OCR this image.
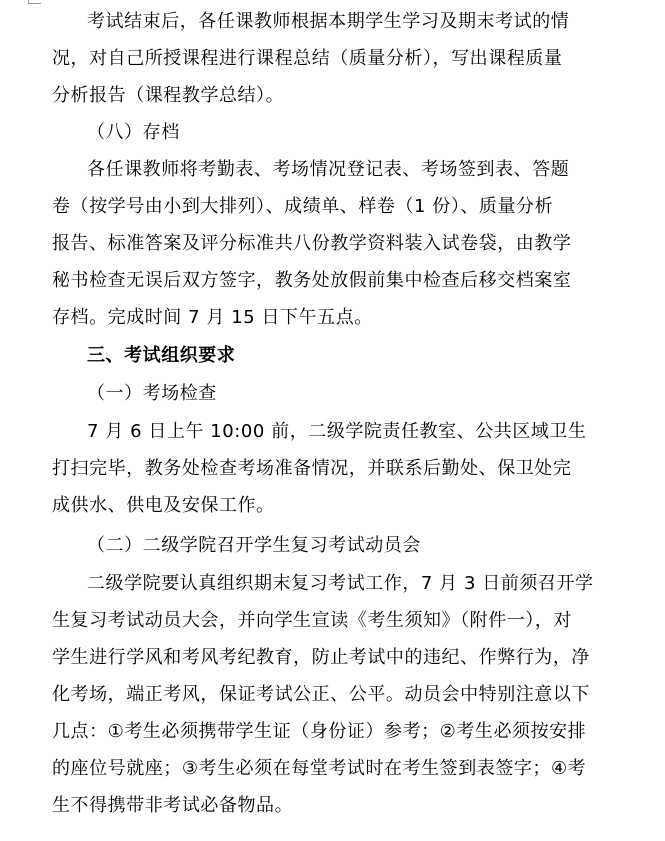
考试结束后，各任课教师根据本期学生学习及期末考试的情
况，对自己所授课程进行课程总结（质量分析），写出课程质量
分析报告（课程教学总结）。
（八）存档
各任课教师将考勤表、考场情况登记表、考场签到表、答题
卷（按学号由小到大排列）、成绩单、样卷（1 份）、质量分析
报告、标准答案及评分标准共八份教学资料装入试卷袋，由教学
秘书检查无误后双方签字，教务处放假前集中检查后移交档案室
存档。完成时间 7 月 15 日下午五点。
三、考试组织要求
（一）考场检查
7 月 6 日上午 10:00 前，二级学院责任教室、公共区域卫生
打扫完毕，教务处检查考场准备情况，并联系后勤处、保卫处完
成供水、供电及安保工作。
（二）二级学院召开学生复习考试动员会
二级学院要认真组织期末复习考试工作，7 月 3 日前须召开学
生复习考试动员大会，并向学生宣读《考生须知》（附件一），对
学生进行学风和考风考纪教育，防止考试中的违纪、作弊行为，净
化考场，端正考风，保证考试公正、公平。动员会中特别注意以下
几点：①考生必须携带学生证（身份证）参考；②考生必须按安排
的座位号就座；③考生必须在每堂考试时在考生签到表签字；④考
生不得携带非考试必备物品。
